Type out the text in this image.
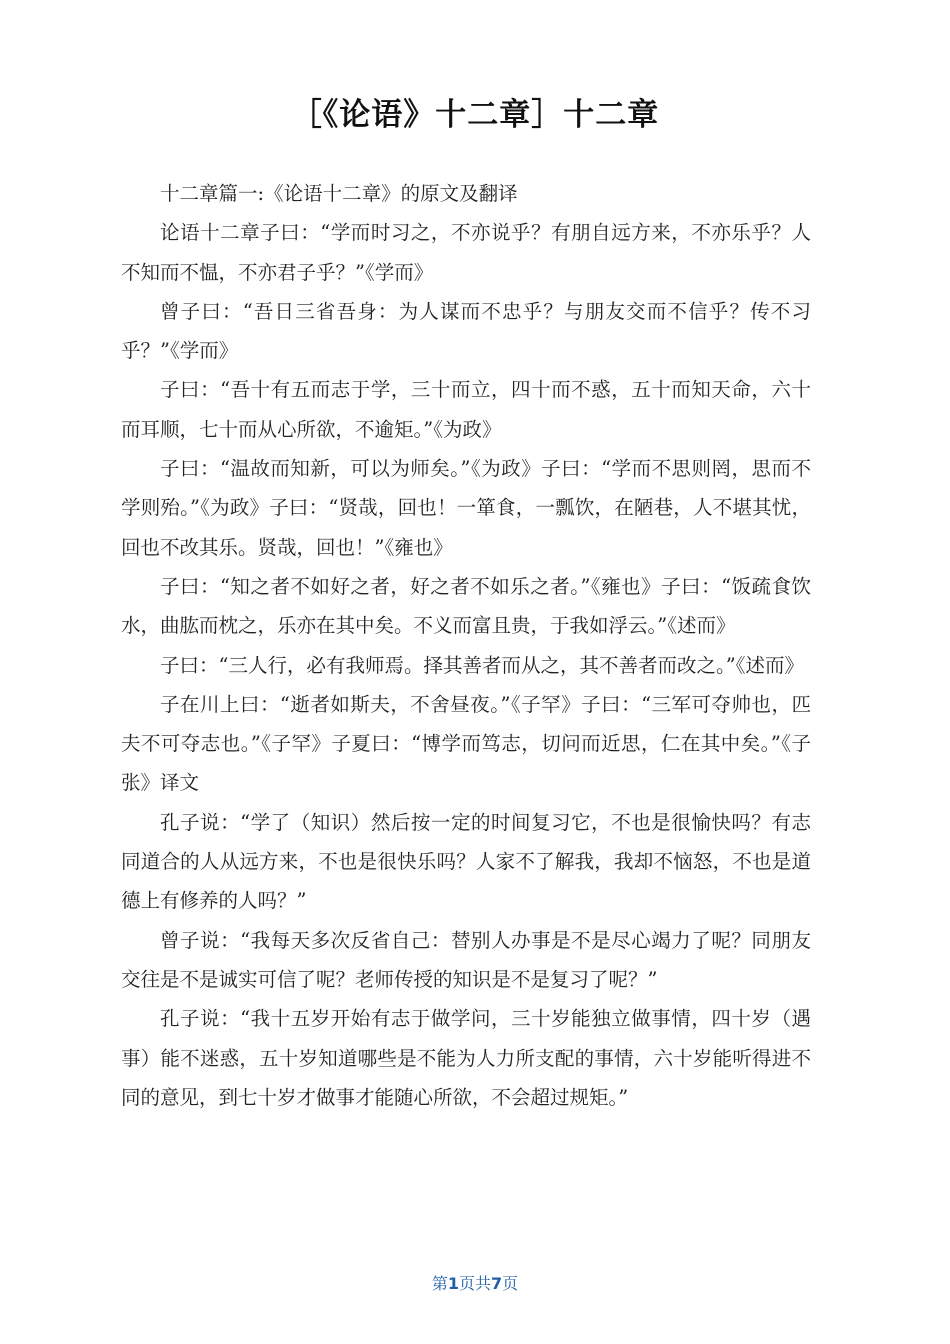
［《论语》十二章］十二章

十二章篇一:《论语十二章》的原文及翻译

论语十二章子曰：“学而时习之，不亦说乎？有朋自远方来，不亦乐乎？人不知而不愠，不亦君子乎？”《学而》

曾子曰：“吾日三省吾身：为人谋而不忠乎？与朋友交而不信乎？传不习乎？”《学而》

子曰：“吾十有五而志于学，三十而立，四十而不惑，五十而知天命，六十而耳顺，七十而从心所欲，不逾矩。”《为政》

子曰：“温故而知新，可以为师矣。”《为政》子曰：“学而不思则罔，思而不学则殆。”《为政》子曰：“贤哉，回也！一箪食，一瓢饮，在陋巷，人不堪其忧，回也不改其乐。贤哉，回也！”《雍也》

子曰：“知之者不如好之者，好之者不如乐之者。”《雍也》子曰：“饭疏食饮水，曲肱而枕之，乐亦在其中矣。不义而富且贵，于我如浮云。”《述而》

子曰：“三人行，必有我师焉。择其善者而从之，其不善者而改之。”《述而》

子在川上曰：“逝者如斯夫，不舍昼夜。”《子罕》子曰：“三军可夺帅也，匹夫不可夺志也。”《子罕》子夏曰：“博学而笃志，切问而近思，仁在其中矣。”《子张》译文

孔子说：“学了（知识）然后按一定的时间复习它，不也是很愉快吗？有志同道合的人从远方来，不也是很快乐吗？人家不了解我，我却不恼怒，不也是道德上有修养的人吗？”

曾子说：“我每天多次反省自己：替别人办事是不是尽心竭力了呢？同朋友交往是不是诚实可信了呢？老师传授的知识是不是复习了呢？”

孔子说：“我十五岁开始有志于做学问，三十岁能独立做事情，四十岁（遇事）能不迷惑，五十岁知道哪些是不能为人力所支配的事情，六十岁能听得进不同的意见，到七十岁才做事才能随心所欲，不会超过规矩。”

第1页共7页
